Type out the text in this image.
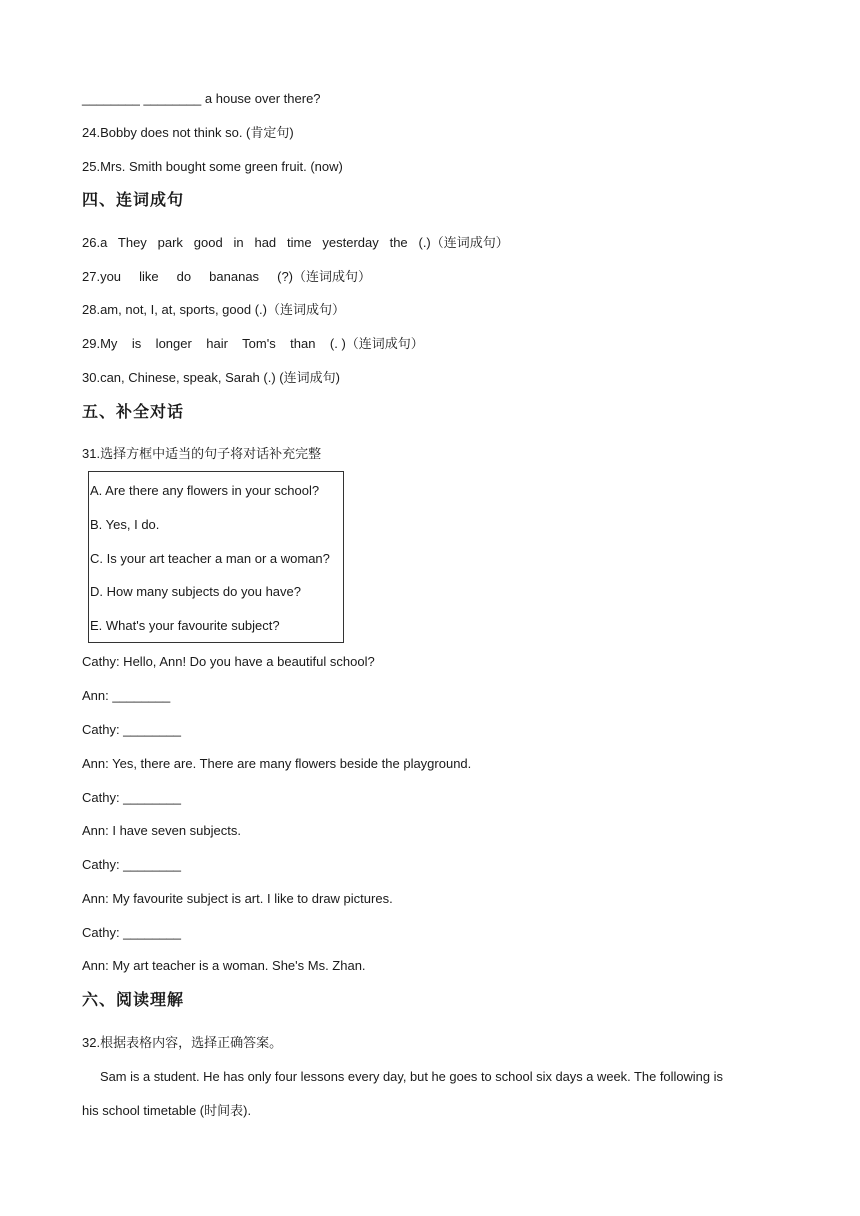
________ ________ a house over there?
24.Bobby does not think so. (肯定句)
25.Mrs. Smith bought some green fruit. (now)
四、连词成句
26.a   They   park   good   in   had   time   yesterday   the   (.)（连词成句）
27.you     like     do     bananas     (?)（连词成句）
28.am, not, I, at, sports, good (.)（连词成句）
29.My    is    longer    hair    Tom's    than    (. )（连词成句）
30.can, Chinese, speak, Sarah (.) (连词成句)
五、补全对话
31.选择方框中适当的句子将对话补充完整
A. Are there any flowers in your school?
B. Yes, I do.
C. Is your art teacher a man or a woman?
D. How many subjects do you have?
E. What's your favourite subject?
Cathy: Hello, Ann! Do you have a beautiful school?
Ann: ________
Cathy: ________
Ann: Yes, there are. There are many flowers beside the playground.
Cathy: ________
Ann: I have seven subjects.
Cathy: ________
Ann: My favourite subject is art. I like to draw pictures.
Cathy: ________
Ann: My art teacher is a woman. She's Ms. Zhan.
六、阅读理解
32.根据表格内容，选择正确答案。
Sam is a student. He has only four lessons every day, but he goes to school six days a week. The following is
his school timetable (时间表).
